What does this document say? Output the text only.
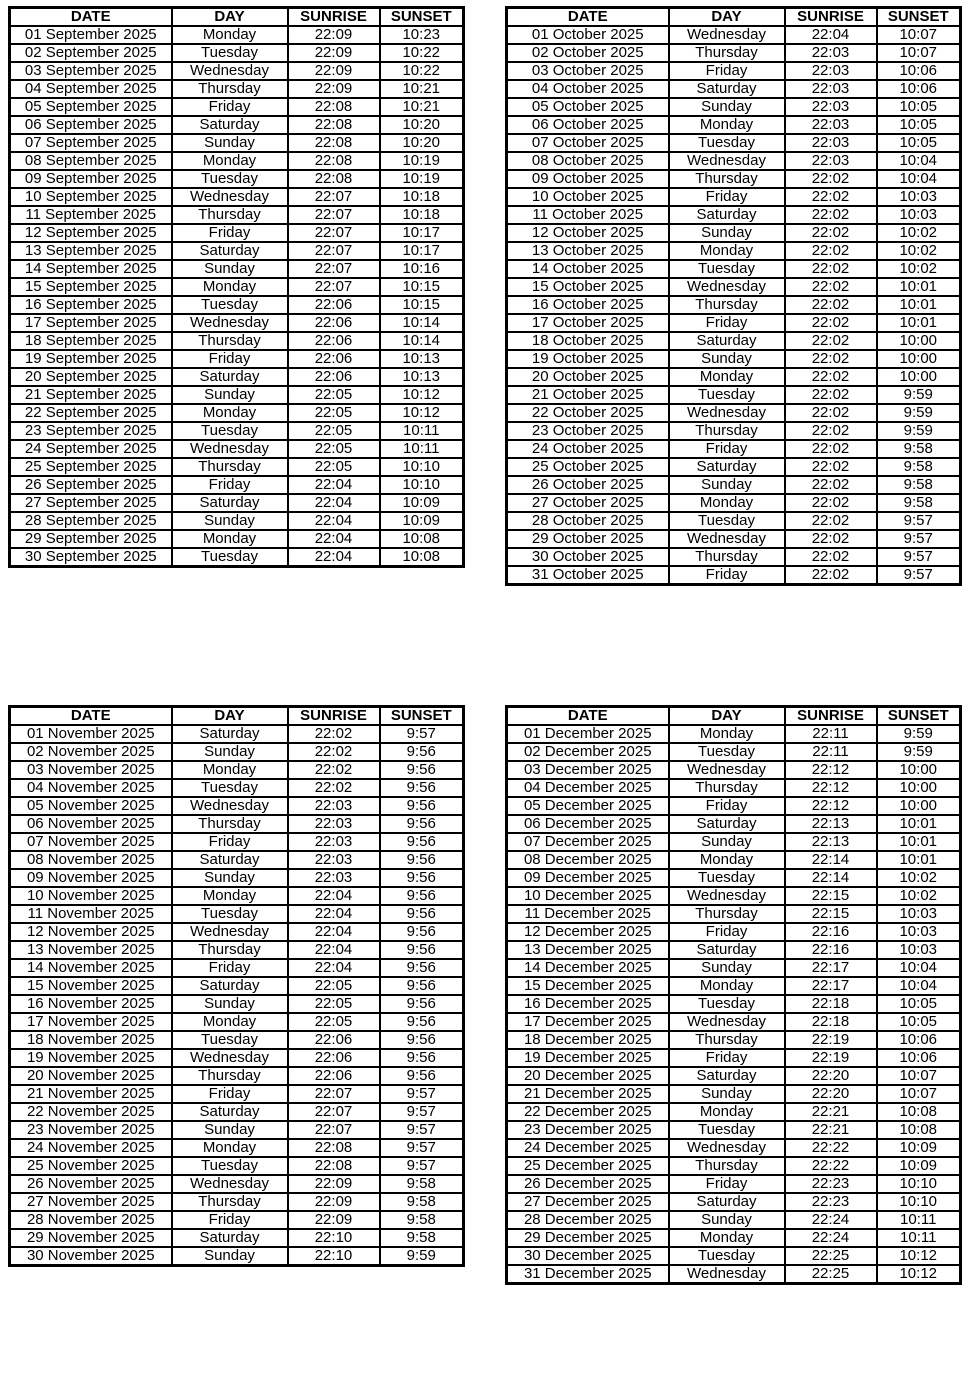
DATE	DAY	SUNRISE	SUNSET
01 September 2025	Monday	22:09	10:23
02 September 2025	Tuesday	22:09	10:22
03 September 2025	Wednesday	22:09	10:22
04 September 2025	Thursday	22:09	10:21
05 September 2025	Friday	22:08	10:21
06 September 2025	Saturday	22:08	10:20
07 September 2025	Sunday	22:08	10:20
08 September 2025	Monday	22:08	10:19
09 September 2025	Tuesday	22:08	10:19
10 September 2025	Wednesday	22:07	10:18
11 September 2025	Thursday	22:07	10:18
12 September 2025	Friday	22:07	10:17
13 September 2025	Saturday	22:07	10:17
14 September 2025	Sunday	22:07	10:16
15 September 2025	Monday	22:07	10:15
16 September 2025	Tuesday	22:06	10:15
17 September 2025	Wednesday	22:06	10:14
18 September 2025	Thursday	22:06	10:14
19 September 2025	Friday	22:06	10:13
20 September 2025	Saturday	22:06	10:13
21 September 2025	Sunday	22:05	10:12
22 September 2025	Monday	22:05	10:12
23 September 2025	Tuesday	22:05	10:11
24 September 2025	Wednesday	22:05	10:11
25 September 2025	Thursday	22:05	10:10
26 September 2025	Friday	22:04	10:10
27 September 2025	Saturday	22:04	10:09
28 September 2025	Sunday	22:04	10:09
29 September 2025	Monday	22:04	10:08
30 September 2025	Tuesday	22:04	10:08
DATE	DAY	SUNRISE	SUNSET
01 October 2025	Wednesday	22:04	10:07
02 October 2025	Thursday	22:03	10:07
03 October 2025	Friday	22:03	10:06
04 October 2025	Saturday	22:03	10:06
05 October 2025	Sunday	22:03	10:05
06 October 2025	Monday	22:03	10:05
07 October 2025	Tuesday	22:03	10:05
08 October 2025	Wednesday	22:03	10:04
09 October 2025	Thursday	22:02	10:04
10 October 2025	Friday	22:02	10:03
11 October 2025	Saturday	22:02	10:03
12 October 2025	Sunday	22:02	10:02
13 October 2025	Monday	22:02	10:02
14 October 2025	Tuesday	22:02	10:02
15 October 2025	Wednesday	22:02	10:01
16 October 2025	Thursday	22:02	10:01
17 October 2025	Friday	22:02	10:01
18 October 2025	Saturday	22:02	10:00
19 October 2025	Sunday	22:02	10:00
20 October 2025	Monday	22:02	10:00
21 October 2025	Tuesday	22:02	9:59
22 October 2025	Wednesday	22:02	9:59
23 October 2025	Thursday	22:02	9:59
24 October 2025	Friday	22:02	9:58
25 October 2025	Saturday	22:02	9:58
26 October 2025	Sunday	22:02	9:58
27 October 2025	Monday	22:02	9:58
28 October 2025	Tuesday	22:02	9:57
29 October 2025	Wednesday	22:02	9:57
30 October 2025	Thursday	22:02	9:57
31 October 2025	Friday	22:02	9:57
DATE	DAY	SUNRISE	SUNSET
01 November 2025	Saturday	22:02	9:57
02 November 2025	Sunday	22:02	9:56
03 November 2025	Monday	22:02	9:56
04 November 2025	Tuesday	22:02	9:56
05 November 2025	Wednesday	22:03	9:56
06 November 2025	Thursday	22:03	9:56
07 November 2025	Friday	22:03	9:56
08 November 2025	Saturday	22:03	9:56
09 November 2025	Sunday	22:03	9:56
10 November 2025	Monday	22:04	9:56
11 November 2025	Tuesday	22:04	9:56
12 November 2025	Wednesday	22:04	9:56
13 November 2025	Thursday	22:04	9:56
14 November 2025	Friday	22:04	9:56
15 November 2025	Saturday	22:05	9:56
16 November 2025	Sunday	22:05	9:56
17 November 2025	Monday	22:05	9:56
18 November 2025	Tuesday	22:06	9:56
19 November 2025	Wednesday	22:06	9:56
20 November 2025	Thursday	22:06	9:56
21 November 2025	Friday	22:07	9:57
22 November 2025	Saturday	22:07	9:57
23 November 2025	Sunday	22:07	9:57
24 November 2025	Monday	22:08	9:57
25 November 2025	Tuesday	22:08	9:57
26 November 2025	Wednesday	22:09	9:58
27 November 2025	Thursday	22:09	9:58
28 November 2025	Friday	22:09	9:58
29 November 2025	Saturday	22:10	9:58
30 November 2025	Sunday	22:10	9:59
DATE	DAY	SUNRISE	SUNSET
01 December 2025	Monday	22:11	9:59
02 December 2025	Tuesday	22:11	9:59
03 December 2025	Wednesday	22:12	10:00
04 December 2025	Thursday	22:12	10:00
05 December 2025	Friday	22:12	10:00
06 December 2025	Saturday	22:13	10:01
07 December 2025	Sunday	22:13	10:01
08 December 2025	Monday	22:14	10:01
09 December 2025	Tuesday	22:14	10:02
10 December 2025	Wednesday	22:15	10:02
11 December 2025	Thursday	22:15	10:03
12 December 2025	Friday	22:16	10:03
13 December 2025	Saturday	22:16	10:03
14 December 2025	Sunday	22:17	10:04
15 December 2025	Monday	22:17	10:04
16 December 2025	Tuesday	22:18	10:05
17 December 2025	Wednesday	22:18	10:05
18 December 2025	Thursday	22:19	10:06
19 December 2025	Friday	22:19	10:06
20 December 2025	Saturday	22:20	10:07
21 December 2025	Sunday	22:20	10:07
22 December 2025	Monday	22:21	10:08
23 December 2025	Tuesday	22:21	10:08
24 December 2025	Wednesday	22:22	10:09
25 December 2025	Thursday	22:22	10:09
26 December 2025	Friday	22:23	10:10
27 December 2025	Saturday	22:23	10:10
28 December 2025	Sunday	22:24	10:11
29 December 2025	Monday	22:24	10:11
30 December 2025	Tuesday	22:25	10:12
31 December 2025	Wednesday	22:25	10:12
